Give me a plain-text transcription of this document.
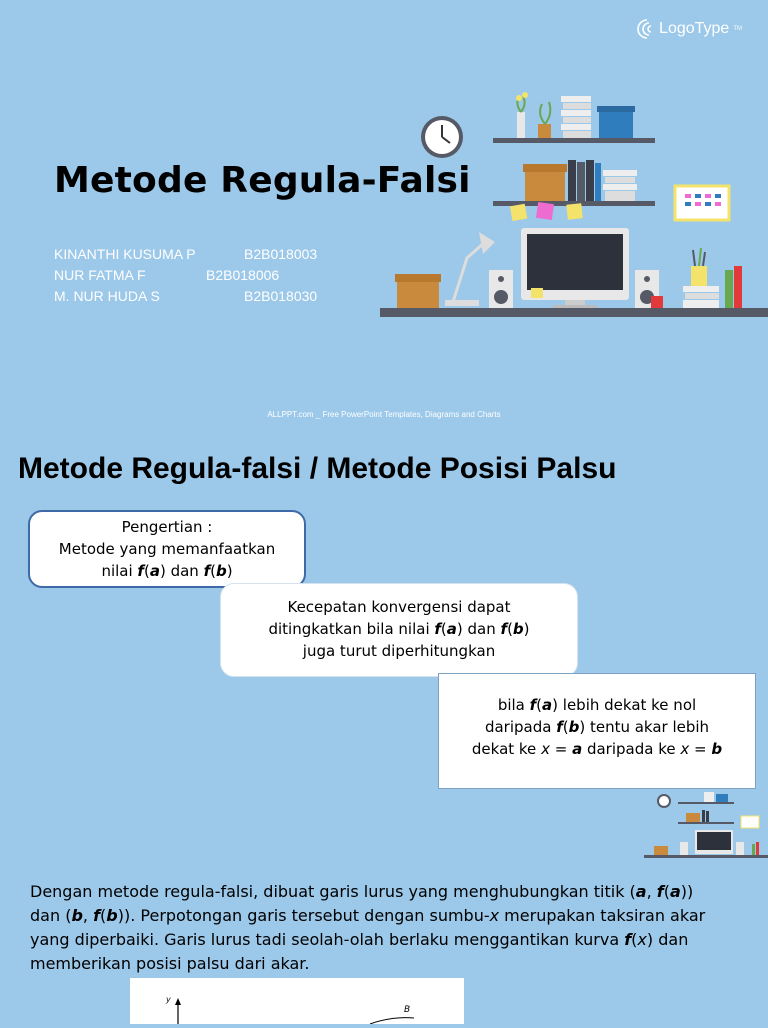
LogoType TM
Metode Regula-Falsi
KINANTHI KUSUMA P	B2B018003
NUR FATMA F	B2B018006
M. NUR HUDA S	B2B018030
ALLPPT.com _ Free PowerPoint Templates, Diagrams and Charts
Metode Regula-falsi / Metode Posisi Palsu
Pengertian :
Metode yang memanfaatkan
nilai f(a) dan f(b)
Kecepatan konvergensi dapat
ditingkatkan bila nilai f(a) dan f(b)
juga turut diperhitungkan
bila f(a) lebih dekat ke nol
daripada f(b) tentu akar lebih
dekat ke x = a daripada ke x = b
Dengan metode regula-falsi, dibuat garis lurus yang menghubungkan titik (a, f(a)) dan (b, f(b)). Perpotongan garis tersebut dengan sumbu-x merupakan taksiran akar yang diperbaiki. Garis lurus tadi seolah-olah berlaku menggantikan kurva f(x) dan memberikan posisi palsu dari akar.
y
B
